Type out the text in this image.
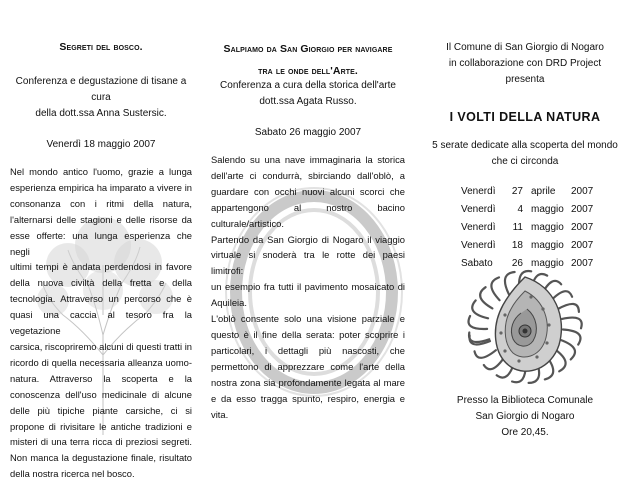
Segreti del bosco.
Conferenza e degustazione di tisane a cura
della dott.ssa Anna Sustersic.
Venerdì 18 maggio 2007
Nel mondo antico l'uomo, grazie a lunga
esperienza empirica ha imparato a vivere in
consonanza con i ritmi della natura,
l'alternarsi delle stagioni e delle risorse da
esse offerte: una lunga esperienza che negli
ultimi tempi è andata perdendosi in favore
della nuova civiltà della fretta e della
tecnologia. Attraverso un percorso che è
quasi una caccia al tesoro fra la vegetazione
carsica, riscopriremo alcuni di questi tratti in
ricordo di quella necessaria alleanza uomo-
natura. Attraverso la scoperta e la
conoscenza dell'uso medicinale di alcune
delle più tipiche piante carsiche, ci si
propone di rivisitare le antiche tradizioni e
misteri di una terra ricca di preziosi segreti.
Non manca la degustazione finale, risultato
della nostra ricerca nel bosco.
Salpiamo da San Giorgio per navigare
tra le onde dell'Arte.
Conferenza a cura della storica dell'arte
dott.ssa Agata Russo.
Sabato 26 maggio 2007
Salendo su una nave immaginaria la storica
dell'arte ci condurrà, sbirciando dall'oblò, a
guardare con occhi nuovi alcuni scorci che
appartengono al nostro bacino
culturale/artistico.
Partendo da San Giorgio di Nogaro il viaggio
virtuale si snoderà tra le rotte dei paesi limitrofi:
un esempio fra tutti il pavimento mosaicato di
Aquileia.
L'oblò consente solo una visione parziale e
questo è il fine della serata: poter scoprire i
particolari, i dettagli più nascosti, che
permettono di apprezzare come l'arte della
nostra zona sia profondamente legata al mare
e da esso tragga spunto, respiro, energia e
vita.
Il Comune di San Giorgio di Nogaro
in collaborazione con DRD Project
presenta
I VOLTI DELLA NATURA
5 serate dedicate alla scoperta del mondo
che ci circonda
Venerdì	27	aprile	2007
Venerdì	4	maggio	2007
Venerdì	11	maggio	2007
Venerdì	18	maggio	2007
Sabato	26	maggio	2007
Presso la Biblioteca Comunale
San Giorgio di Nogaro
Ore 20,45.
